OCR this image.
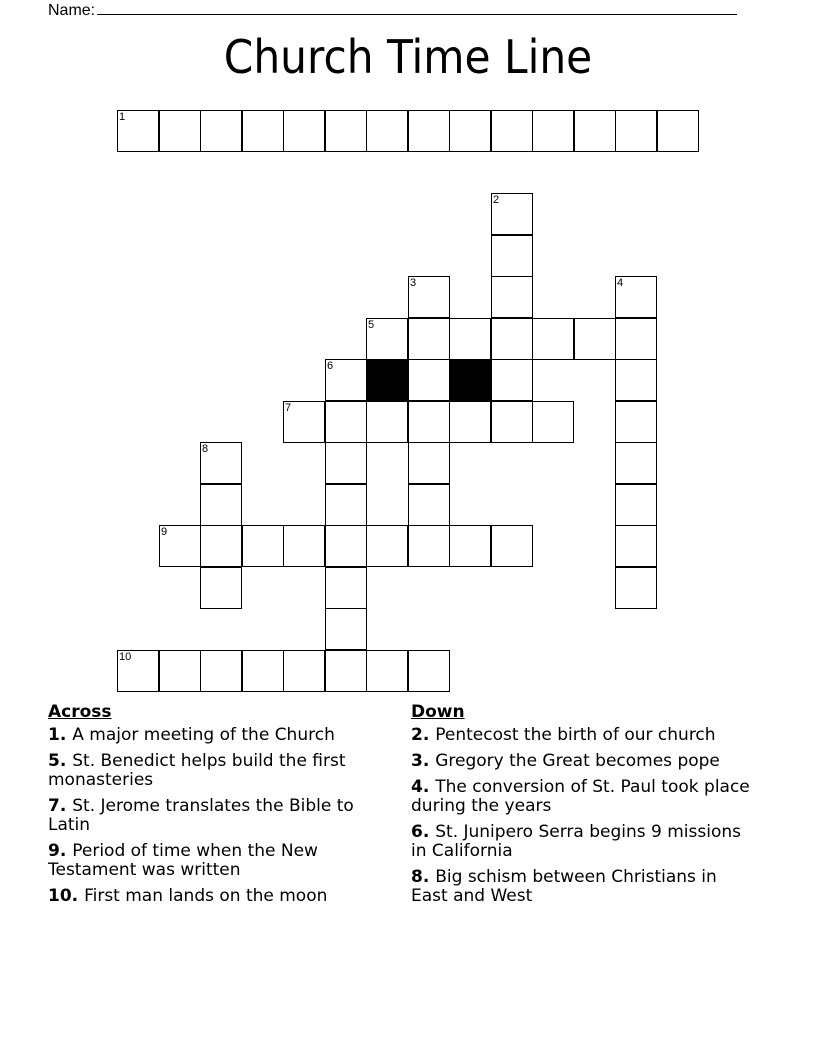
Name:
Church Time Line
1
2
3	4
5
6
7
8
9
10
Across
1. A major meeting of the Church
5. St. Benedict helps build the first monasteries
7. St. Jerome translates the Bible to Latin
9. Period of time when the New Testament was written
10. First man lands on the moon
Down
2. Pentecost the birth of our church
3. Gregory the Great becomes pope
4. The conversion of St. Paul took place during the years
6. St. Junipero Serra begins 9 missions in California
8. Big schism between Christians in East and West
